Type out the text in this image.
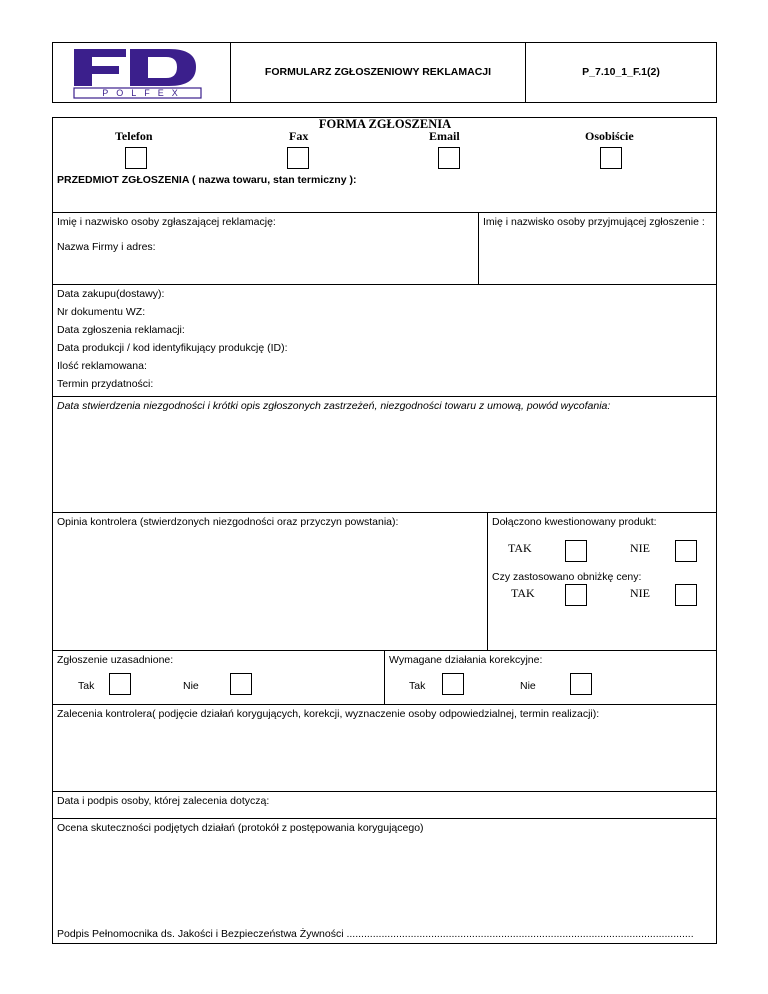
POLFEX
FORMULARZ ZGŁOSZENIOWY REKLAMACJI	P_7.10_1_F.1(2)
FORMA ZGŁOSZENIA
Telefon	Fax	Email	Osobiście
PRZEDMIOT ZGŁOSZENIA ( nazwa towaru, stan termiczny ):
Imię i nazwisko osoby zgłaszającej reklamację:
Nazwa Firmy i adres:
Imię i nazwisko osoby przyjmującej zgłoszenie :
Data zakupu(dostawy):
Nr dokumentu WZ:
Data zgłoszenia reklamacji:
Data produkcji / kod identyfikujący produkcję (ID):
Ilość reklamowana:
Termin przydatności:
Data stwierdzenia niezgodności i krótki opis zgłoszonych zastrzeżeń, niezgodności towaru z umową, powód wycofania:
Opinia kontrolera (stwierdzonych niezgodności oraz przyczyn powstania):	Dołączono kwestionowany produkt:
TAK	NIE
Czy zastosowano obniżkę ceny:
TAK	NIE
Zgłoszenie uzasadnione:
Tak	Nie
Wymagane działania korekcyjne:
Tak	Nie
Zalecenia kontrolera( podjęcie działań korygujących, korekcji, wyznaczenie osoby odpowiedzialnej, termin realizacji):
Data i podpis osoby, której zalecenia dotyczą:
Ocena skuteczności podjętych działań (protokół z postępowania korygującego)
Podpis Pełnomocnika ds. Jakości i Bezpieczeństwa Żywności .......................................................................................................................
